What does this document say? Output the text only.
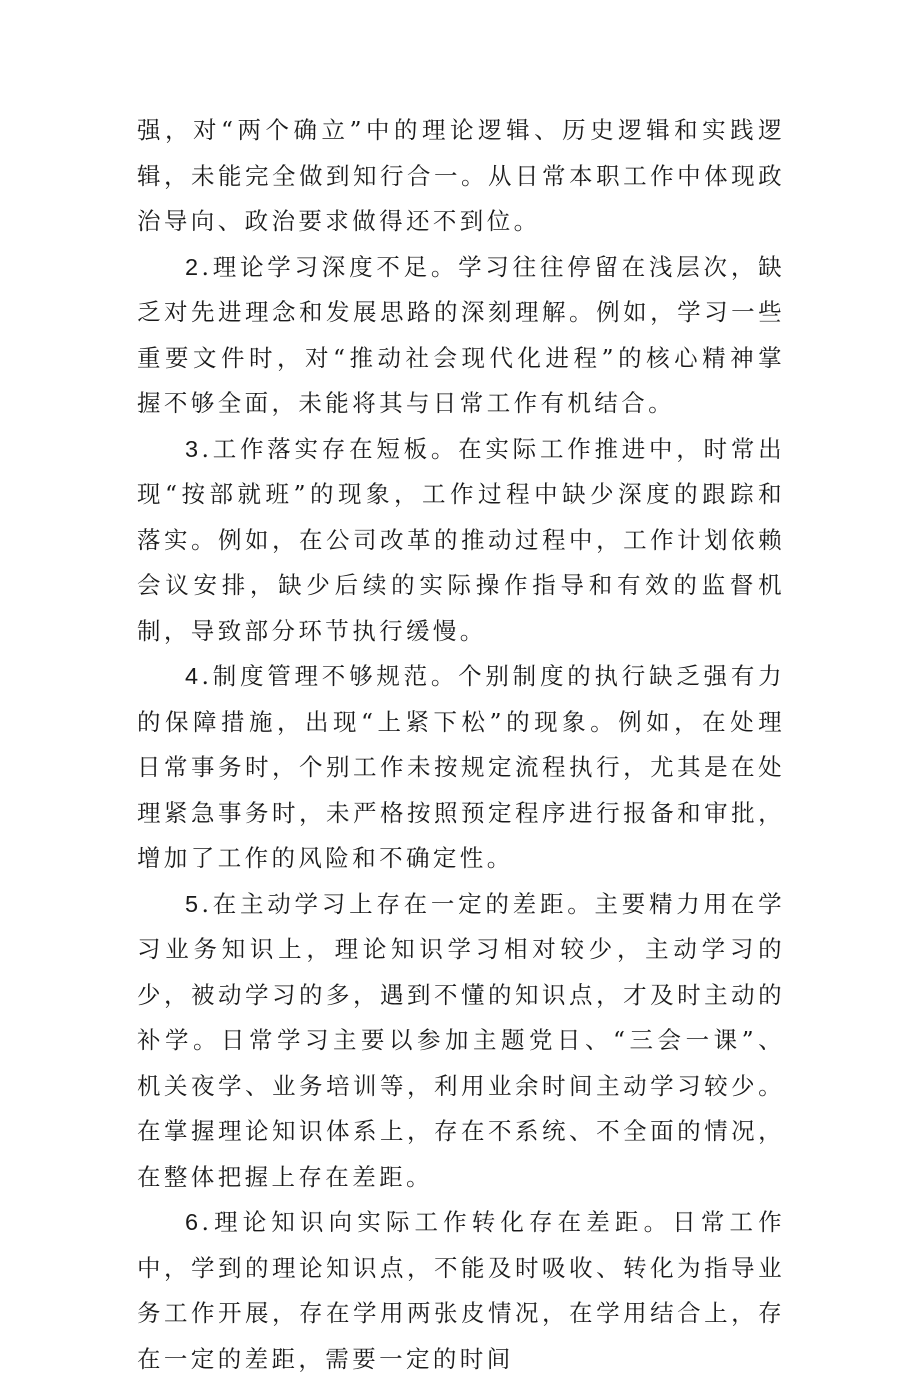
强，对“两个确立”中的理论逻辑、历史逻辑和实践逻辑，未能完全做到知行合一。从日常本职工作中体现政治导向、政治要求做得还不到位。

2.理论学习深度不足。学习往往停留在浅层次，缺乏对先进理念和发展思路的深刻理解。例如，学习一些重要文件时，对“推动社会现代化进程”的核心精神掌握不够全面，未能将其与日常工作有机结合。

3.工作落实存在短板。在实际工作推进中，时常出现“按部就班”的现象，工作过程中缺少深度的跟踪和落实。例如，在公司改革的推动过程中，工作计划依赖会议安排，缺少后续的实际操作指导和有效的监督机制，导致部分环节执行缓慢。

4.制度管理不够规范。个别制度的执行缺乏强有力的保障措施，出现“上紧下松”的现象。例如，在处理日常事务时，个别工作未按规定流程执行，尤其是在处理紧急事务时，未严格按照预定程序进行报备和审批，增加了工作的风险和不确定性。

5.在主动学习上存在一定的差距。主要精力用在学习业务知识上，理论知识学习相对较少，主动学习的少，被动学习的多，遇到不懂的知识点，才及时主动的补学。日常学习主要以参加主题党日、“三会一课”、机关夜学、业务培训等，利用业余时间主动学习较少。在掌握理论知识体系上，存在不系统、不全面的情况，在整体把握上存在差距。

6.理论知识向实际工作转化存在差距。日常工作中，学到的理论知识点，不能及时吸收、转化为指导业务工作开展，存在学用两张皮情况，在学用结合上，存在一定的差距，需要一定的时间
